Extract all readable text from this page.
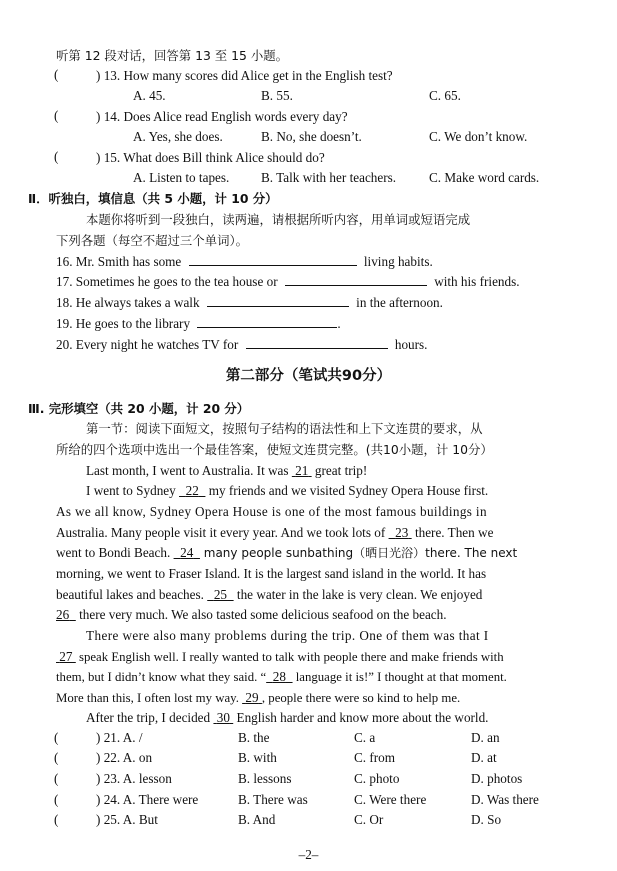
听第 12 段对话，回答第 13 至 15 小题。
(	) 13. How many scores did Alice get in the English test?
A. 45.	B. 55.	C. 65.
(	) 14. Does Alice read English words every day?
A. Yes, she does.	B. No, she doesn’t.	C. We don’t know.
(	) 15. What does Bill think Alice should do?
A. Listen to tapes. B. Talk with her teachers. C. Make word cards.
Ⅱ．听独白，填信息（共 5 小题，计 10 分）
本题你将听到一段独白，读两遍，请根据所听内容，用单词或短语完成
下列各题（每空不超过三个单词）。
16. Mr. Smith has some	living habits.
17. Sometimes he goes to the tea house or	with his friends.
18. He always takes a walk	in the afternoon.
19. He goes to the library	.
20. Every night he watches TV for	hours.
第二部分（笔试共90分）
Ⅲ. 完形填空（共 20 小题，计 20 分）
第一节：阅读下面短文，按照句子结构的语法性和上下文连贯的要求，从
所给的四个选项中选出一个最佳答案，使短文连贯完整。(共10小题，计 10分）
Last month, I went to Australia. It was  21  great trip!
I went to Sydney   22   my friends and we visited Sydney Opera House first.
As we all know, Sydney Opera House is one of the most famous buildings in
Australia. Many people visit it every year. And we took lots of   23  there. Then we
went to Bondi Beach.   24   many people sunbathing（晒日光浴）there. The next
morning, we went to Fraser Island. It is the largest sand island in the world. It has
beautiful lakes and beaches.   25   the water in the lake is very clean. We enjoyed
26   there very much. We also tasted some delicious seafood on the beach.
There were also many problems during the trip. One of them was that I
27  speak English well. I really wanted to talk with people there and make friends with
them, but I didn’t know what they said. “ 28   language it is!” I thought at that moment.
More than this, I often lost my way.  29 , people there were so kind to help me.
After the trip, I decided  30  English harder and know more about the world.
(	) 21. A. /	B. the	C. a	D. an
(	) 22. A. on	B. with	C. from	D. at
(	) 23. A. lesson	B. lessons	C. photo	D. photos
(	) 24. A. There were	B. There was	C. Were there	D. Was there
(	) 25. A. But	B. And	C. Or	D. So
–2–
